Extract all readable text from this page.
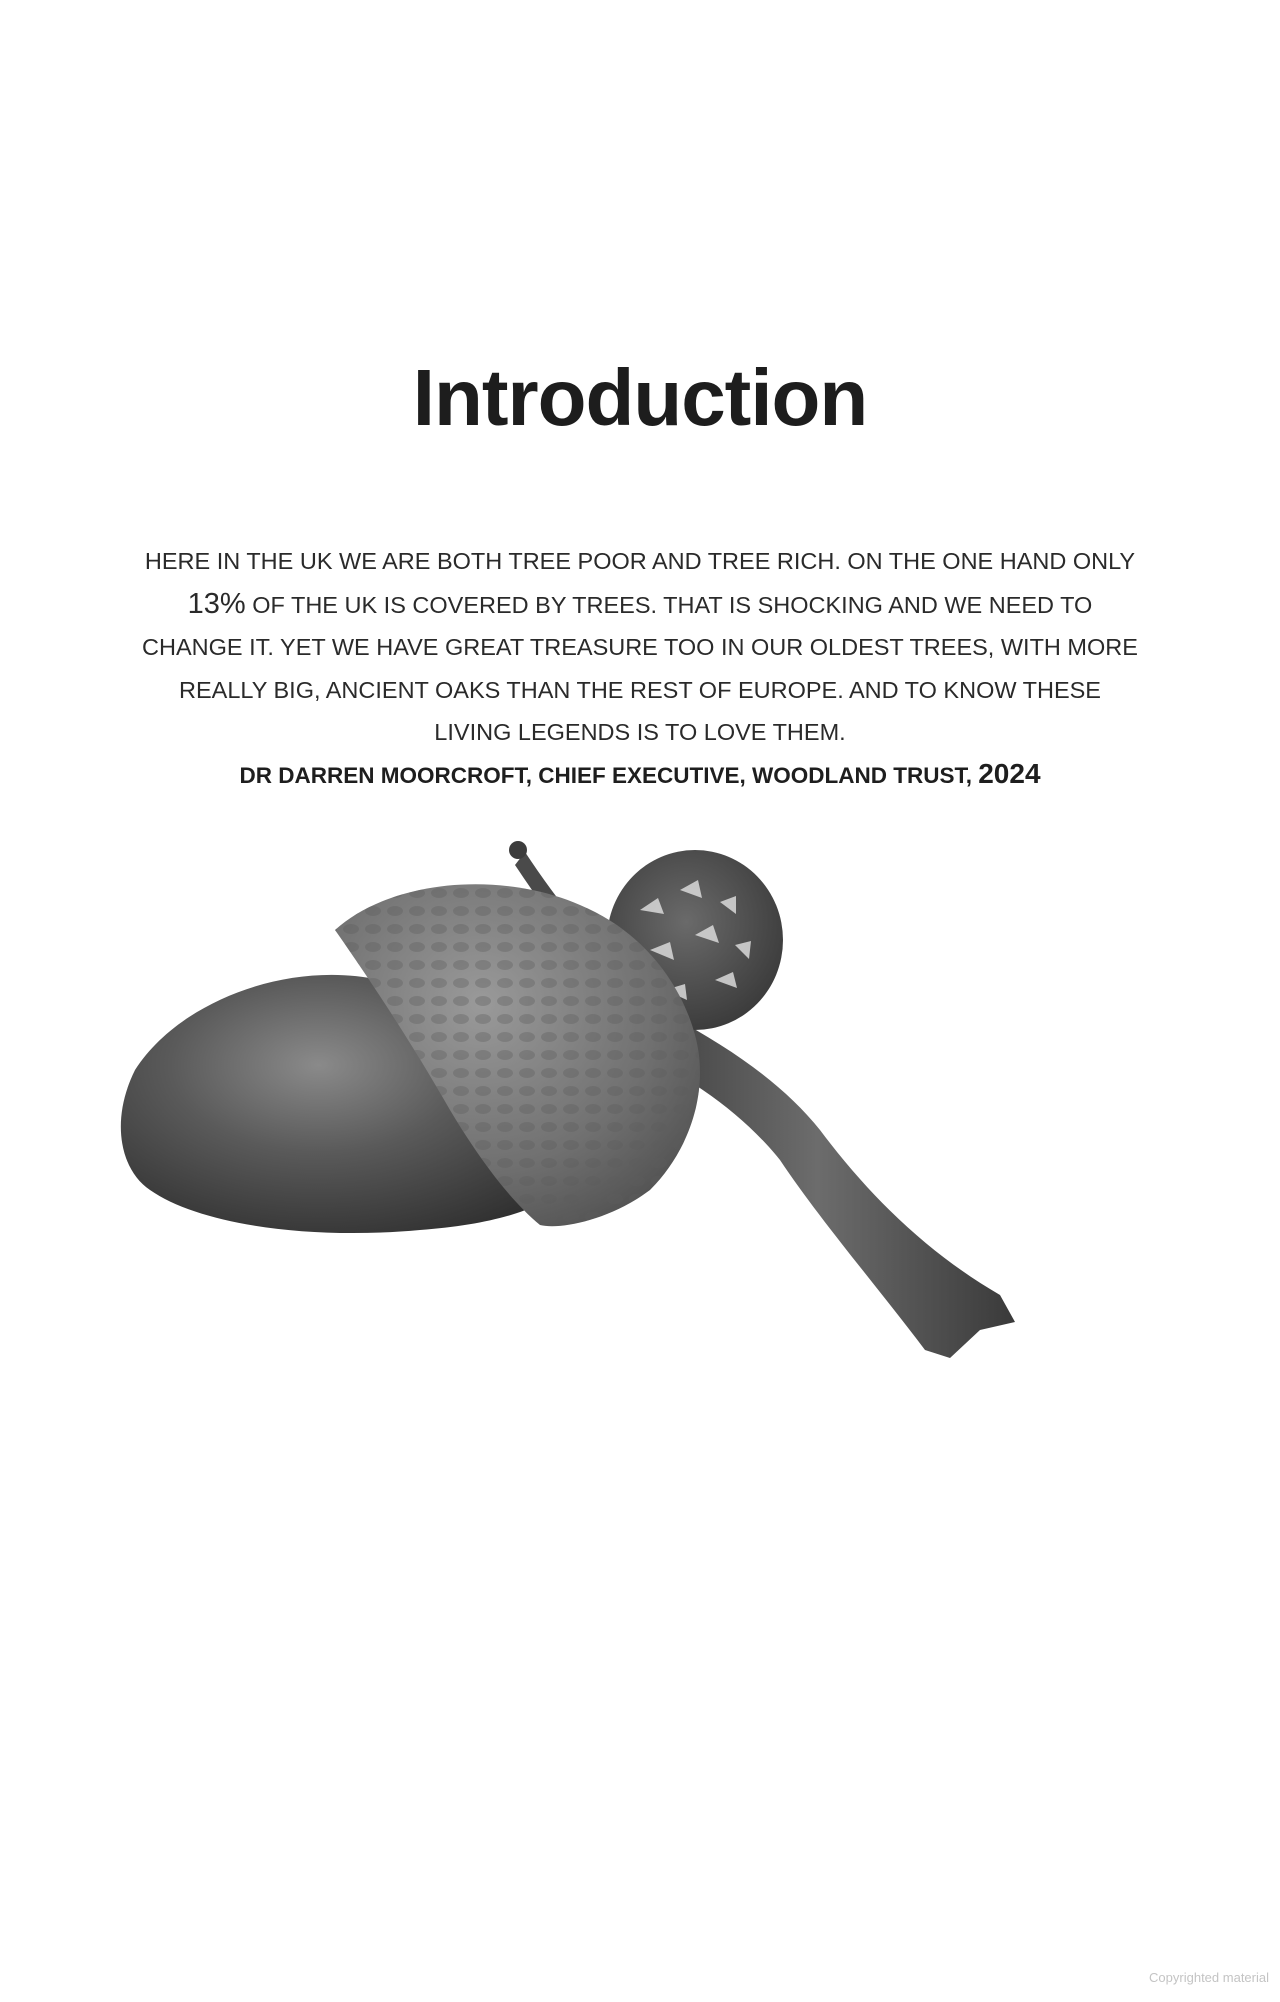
Introduction

HERE IN THE UK WE ARE BOTH TREE POOR AND TREE RICH. ON THE ONE HAND ONLY
13% OF THE UK IS COVERED BY TREES. THAT IS SHOCKING AND WE NEED TO
CHANGE IT. YET WE HAVE GREAT TREASURE TOO IN OUR OLDEST TREES, WITH MORE
REALLY BIG, ANCIENT OAKS THAN THE REST OF EUROPE. AND TO KNOW THESE
LIVING LEGENDS IS TO LOVE THEM.

DR DARREN MOORCROFT, CHIEF EXECUTIVE, WOODLAND TRUST, 2024

Copyrighted material
